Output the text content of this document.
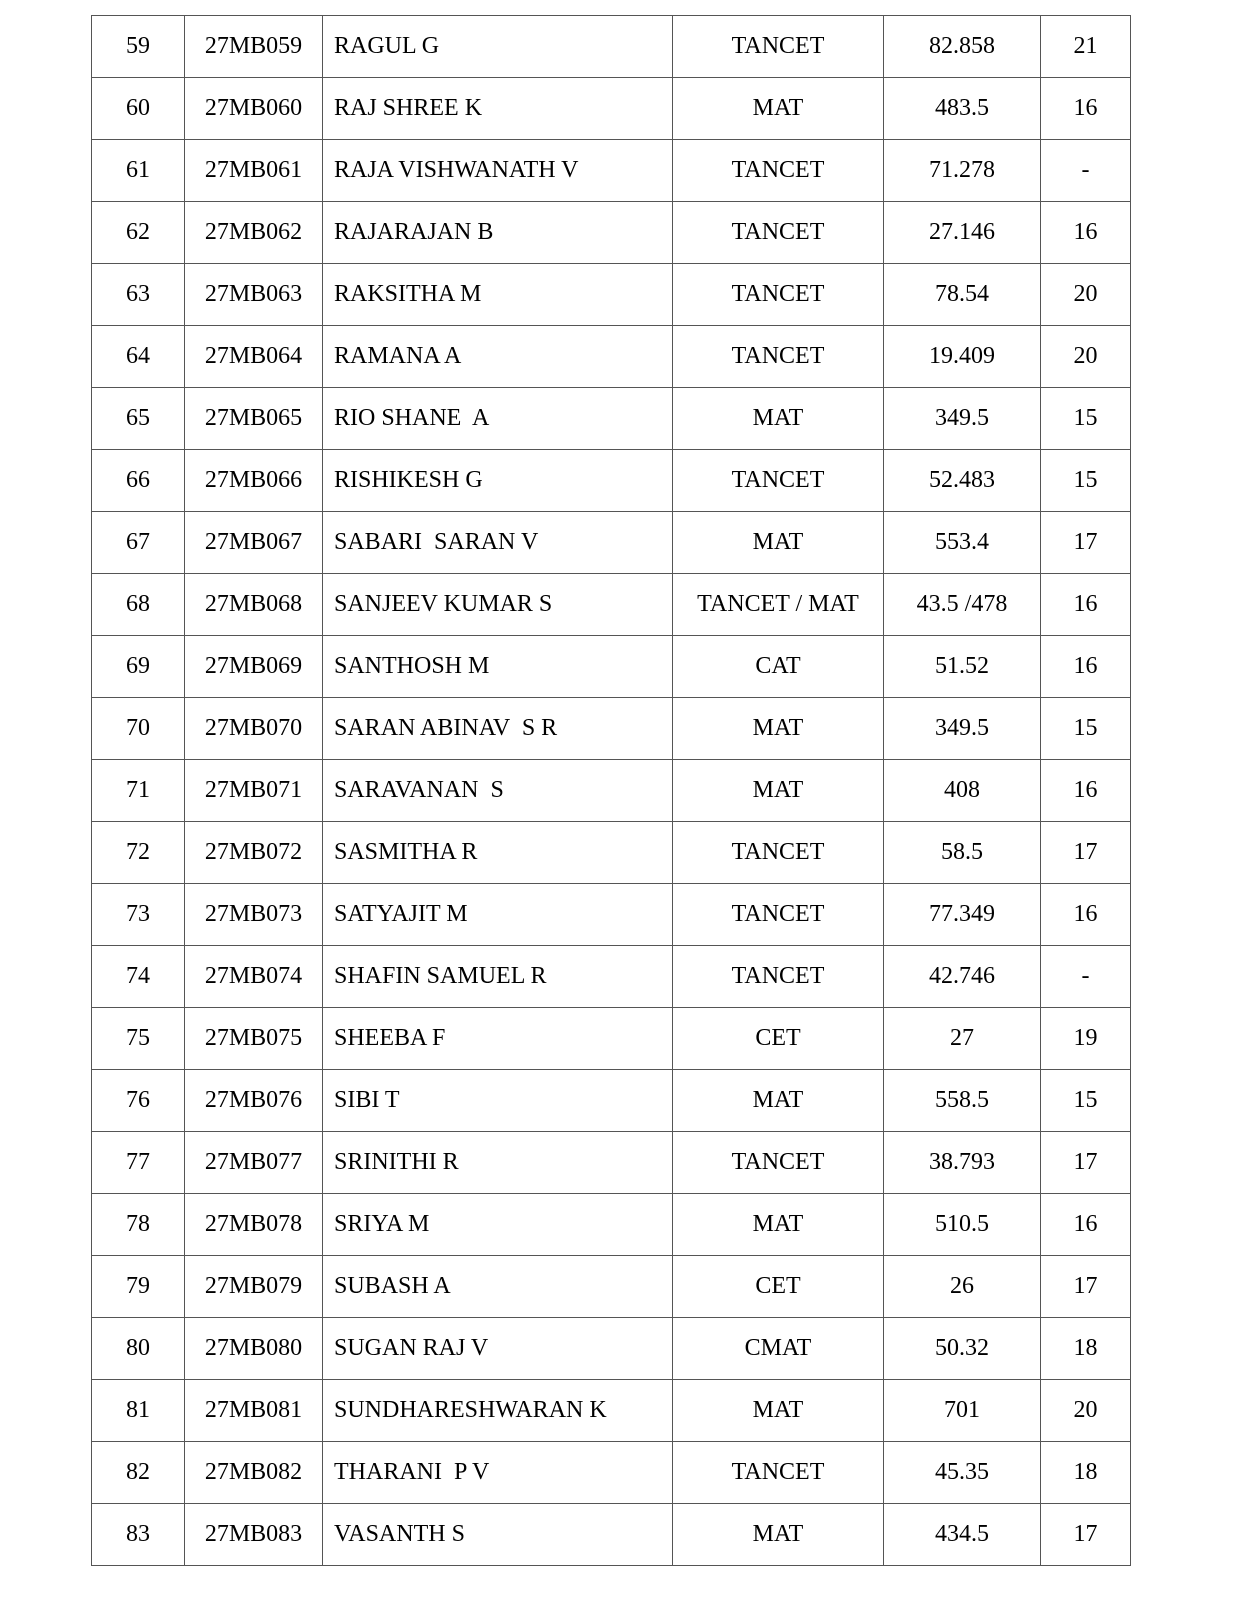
59	27MB059	RAGUL G	TANCET	82.858	21
60	27MB060	RAJ SHREE K	MAT	483.5	16
61	27MB061	RAJA VISHWANATH V	TANCET	71.278	-
62	27MB062	RAJARAJAN B	TANCET	27.146	16
63	27MB063	RAKSITHA M	TANCET	78.54	20
64	27MB064	RAMANA A	TANCET	19.409	20
65	27MB065	RIO SHANE  A	MAT	349.5	15
66	27MB066	RISHIKESH G	TANCET	52.483	15
67	27MB067	SABARI  SARAN V	MAT	553.4	17
68	27MB068	SANJEEV KUMAR S	TANCET / MAT	43.5 /478	16
69	27MB069	SANTHOSH M	CAT	51.52	16
70	27MB070	SARAN ABINAV  S R	MAT	349.5	15
71	27MB071	SARAVANAN  S	MAT	408	16
72	27MB072	SASMITHA R	TANCET	58.5	17
73	27MB073	SATYAJIT M	TANCET	77.349	16
74	27MB074	SHAFIN SAMUEL R	TANCET	42.746	-
75	27MB075	SHEEBA F	CET	27	19
76	27MB076	SIBI T	MAT	558.5	15
77	27MB077	SRINITHI R	TANCET	38.793	17
78	27MB078	SRIYA M	MAT	510.5	16
79	27MB079	SUBASH A	CET	26	17
80	27MB080	SUGAN RAJ V	CMAT	50.32	18
81	27MB081	SUNDHARESHWARAN K	MAT	701	20
82	27MB082	THARANI  P V	TANCET	45.35	18
83	27MB083	VASANTH S	MAT	434.5	17
